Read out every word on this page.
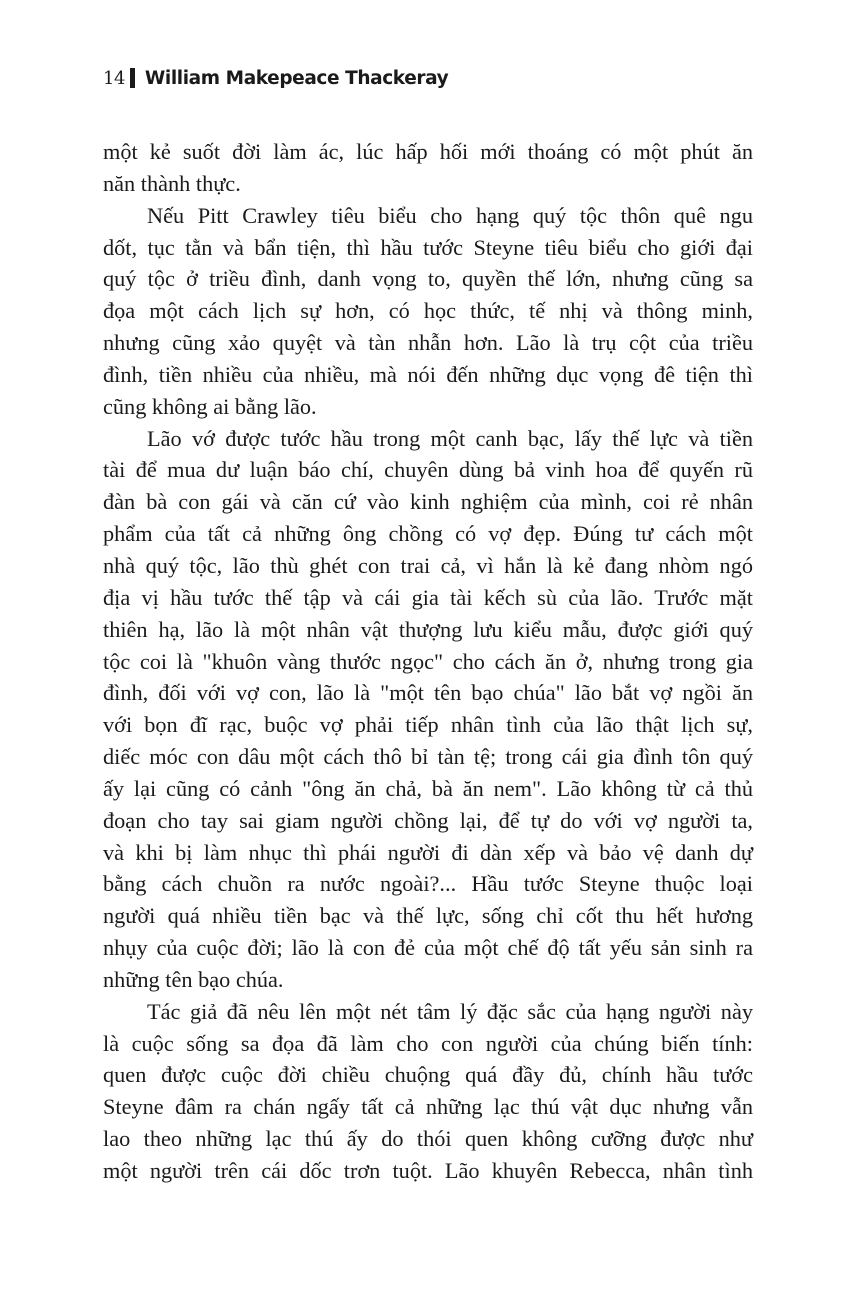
14 William Makepeace Thackeray
một kẻ suốt đời làm ác, lúc hấp hối mới thoáng có một phút ăn
năn thành thực.
Nếu Pitt Crawley tiêu biểu cho hạng quý tộc thôn quê ngu
dốt, tục tằn và bẩn tiện, thì hầu tước Steyne tiêu biểu cho giới đại
quý tộc ở triều đình, danh vọng to, quyền thế lớn, nhưng cũng sa
đọa một cách lịch sự hơn, có học thức, tế nhị và thông minh,
nhưng cũng xảo quyệt và tàn nhẫn hơn. Lão là trụ cột của triều
đình, tiền nhiều của nhiều, mà nói đến những dục vọng đê tiện thì
cũng không ai bằng lão.
Lão vớ được tước hầu trong một canh bạc, lấy thế lực và tiền
tài để mua dư luận báo chí, chuyên dùng bả vinh hoa để quyến rũ
đàn bà con gái và căn cứ vào kinh nghiệm của mình, coi rẻ nhân
phẩm của tất cả những ông chồng có vợ đẹp. Đúng tư cách một
nhà quý tộc, lão thù ghét con trai cả, vì hắn là kẻ đang nhòm ngó
địa vị hầu tước thế tập và cái gia tài kếch sù của lão. Trước mặt
thiên hạ, lão là một nhân vật thượng lưu kiểu mẫu, được giới quý
tộc coi là "khuôn vàng thước ngọc" cho cách ăn ở, nhưng trong gia
đình, đối với vợ con, lão là "một tên bạo chúa" lão bắt vợ ngồi ăn
với bọn đĩ rạc, buộc vợ phải tiếp nhân tình của lão thật lịch sự,
diếc móc con dâu một cách thô bỉ tàn tệ; trong cái gia đình tôn quý
ấy lại cũng có cảnh "ông ăn chả, bà ăn nem". Lão không từ cả thủ
đoạn cho tay sai giam người chồng lại, để tự do với vợ người ta,
và khi bị làm nhục thì phái người đi dàn xếp và bảo vệ danh dự
bằng cách chuồn ra nước ngoài?... Hầu tước Steyne thuộc loại
người quá nhiều tiền bạc và thế lực, sống chỉ cốt thu hết hương
nhụy của cuộc đời; lão là con đẻ của một chế độ tất yếu sản sinh ra
những tên bạo chúa.
Tác giả đã nêu lên một nét tâm lý đặc sắc của hạng người này
là cuộc sống sa đọa đã làm cho con người của chúng biến tính:
quen được cuộc đời chiều chuộng quá đầy đủ, chính hầu tước
Steyne đâm ra chán ngấy tất cả những lạc thú vật dục nhưng vẫn
lao theo những lạc thú ấy do thói quen không cưỡng được như
một người trên cái dốc trơn tuột. Lão khuyên Rebecca, nhân tình
